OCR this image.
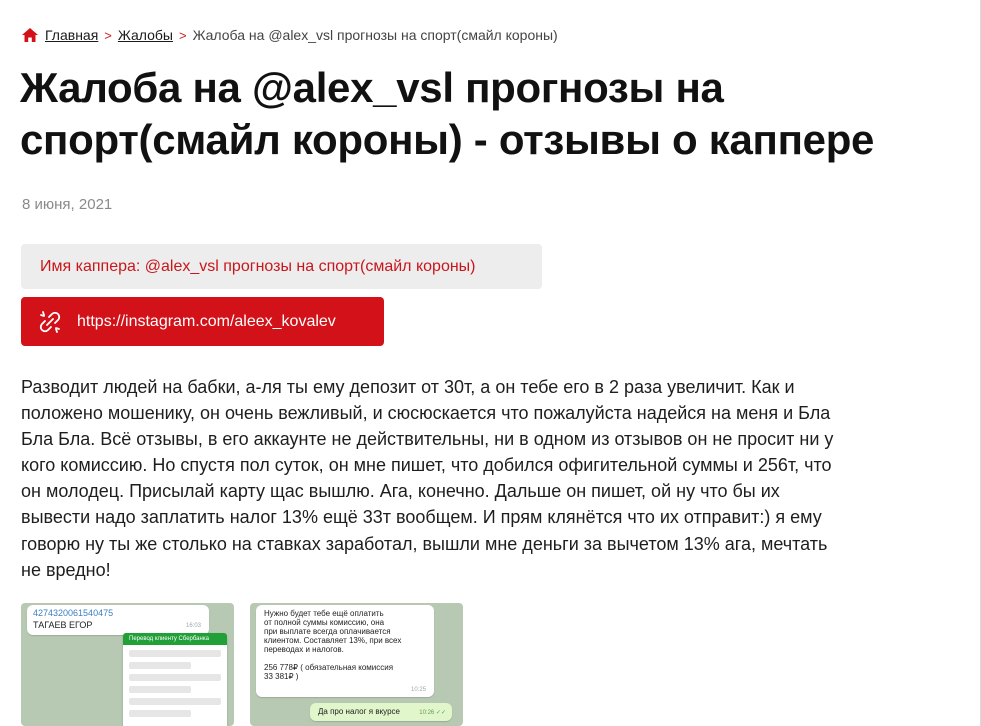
Главная > Жалобы > Жалоба на @alex_vsl прогнозы на спорт(смайл короны)
Жалоба на @alex_vsl прогнозы на
спорт(смайл короны) - отзывы о каппере
8 июня, 2021
Имя каппера: @alex_vsl прогнозы на спорт(смайл короны)
https://instagram.com/aleex_kovalev

Разводит людей на бабки, а-ля ты ему депозит от 30т, а он тебе его в 2 раза увеличит. Как и
положено мошенику, он очень вежливый, и сюсюскается что пожалуйста надейся на меня и Бла
Бла Бла. Всё отзывы, в его аккаунте не действительны, ни в одном из отзывов он не просит ни у
кого комиссию. Но спустя пол суток, он мне пишет, что добился офигительной суммы и 256т, что
он молодец. Присылай карту щас вышлю. Ага, конечно. Дальше он пишет, ой ну что бы их
вывести надо заплатить налог 13% ещё 33т вообщем. И прям клянётся что их отправит:) я ему
говорю ну ты же столько на ставках заработал, вышли мне деньги за вычетом 13% ага, мечтать
не вредно!

4274320061540475
ТАГАЕВ ЕГОР	16:03
Перевод клиенту Сбербанка
Нужно будет тебе ещё оплатить
от полной суммы комиссию, она
при выплате всегда оплачивается
клиентом. Составляет 13%, при всех
переводах и налогов.
256 778₽ ( обязательная комиссия
33 381₽ )
10:25
Да про налог я вкурсе	10:26 ✓✓
